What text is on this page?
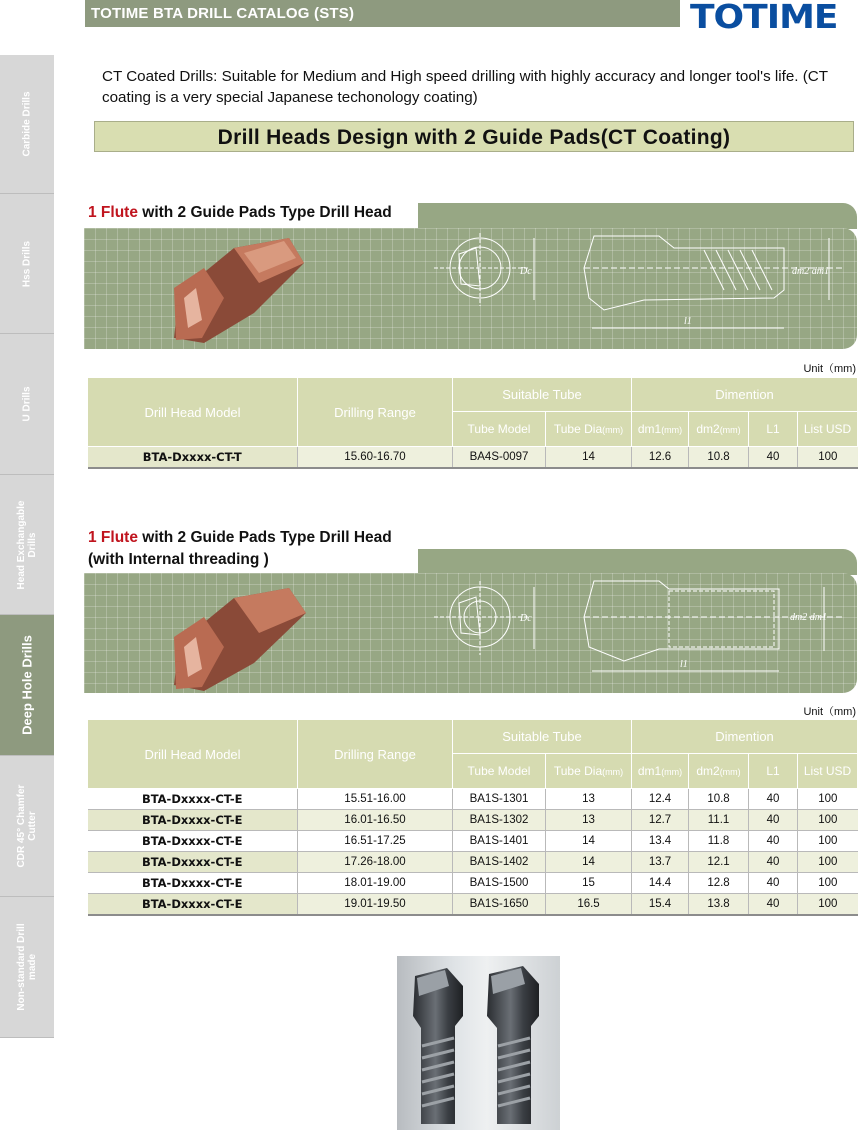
TOTIME BTA DRILL CATALOG (STS)	TOTIME
Carbide Drills
Hss Drills
U Drills
Head Exchangable Drills
Deep Hole Drills
CDR 45° Chamfer Cutter
Non-standard Drill made
CT Coated Drills: Suitable for Medium and High speed drilling with highly accuracy and longer tool's life. (CT coating is a very special Japanese techonology coating)
Drill Heads Design with 2 Guide Pads(CT Coating)
1 Flute with 2 Guide Pads Type Drill Head
Dc	dm2 dm1
l1
Unit（mm)
Drill Head Model	Drilling Range	Suitable Tube		Dimention			
		Tube Model	Tube Dia(mm)	dm1(mm)	dm2(mm)	L1	List USD
BTA-Dxxxx-CT-T	15.60-16.70	BA4S-0097	14	12.6	10.8	40	100
1 Flute with 2 Guide Pads Type Drill Head
(with Internal threading )
Dc	dm2 dm1
l1
Unit（mm)
Drill Head Model	Drilling Range	Suitable Tube		Dimention			
		Tube Model	Tube Dia(mm)	dm1(mm)	dm2(mm)	L1	List USD
BTA-Dxxxx-CT-E	15.51-16.00	BA1S-1301	13	12.4	10.8	40	100
BTA-Dxxxx-CT-E	16.01-16.50	BA1S-1302	13	12.7	11.1	40	100
BTA-Dxxxx-CT-E	16.51-17.25	BA1S-1401	14	13.4	11.8	40	100
BTA-Dxxxx-CT-E	17.26-18.00	BA1S-1402	14	13.7	12.1	40	100
BTA-Dxxxx-CT-E	18.01-19.00	BA1S-1500	15	14.4	12.8	40	100
BTA-Dxxxx-CT-E	19.01-19.50	BA1S-1650	16.5	15.4	13.8	40	100
